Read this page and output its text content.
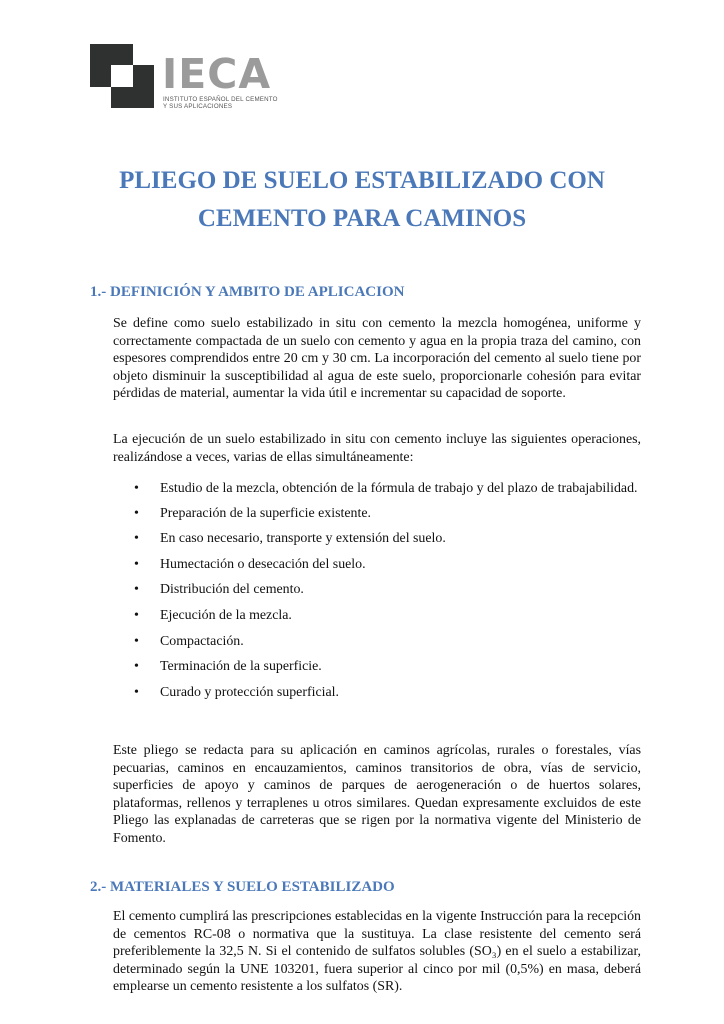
IECA
INSTITUTO ESPAÑOL DEL CEMENTO
Y SUS APLICACIONES
PLIEGO DE SUELO ESTABILIZADO CON
CEMENTO PARA CAMINOS
1.- DEFINICIÓN Y AMBITO DE APLICACION

Se define como suelo estabilizado in situ con cemento la mezcla homogénea, uniforme y correctamente compactada de un suelo con cemento y agua en la propia traza del camino, con espesores comprendidos entre 20 cm y 30 cm. La incorporación del cemento al suelo tiene por objeto disminuir la susceptibilidad al agua de este suelo, proporcionarle cohesión para evitar pérdidas de material, aumentar la vida útil e incrementar su capacidad de soporte.

La ejecución de un suelo estabilizado in situ con cemento incluye las siguientes operaciones, realizándose a veces, varias de ellas simultáneamente:

• Estudio de la mezcla, obtención de la fórmula de trabajo y del plazo de trabajabilidad.
• Preparación de la superficie existente.
• En caso necesario, transporte y extensión del suelo.
• Humectación o desecación del suelo.
• Distribución del cemento.
• Ejecución de la mezcla.
• Compactación.
• Terminación de la superficie.
• Curado y protección superficial.

Este pliego se redacta para su aplicación en caminos agrícolas, rurales o forestales, vías pecuarias, caminos en encauzamientos, caminos transitorios de obra, vías de servicio, superficies de apoyo y caminos de parques de aerogeneración o de huertos solares, plataformas, rellenos y terraplenes u otros similares. Quedan expresamente excluidos de este Pliego las explanadas de carreteras que se rigen por la normativa vigente del Ministerio de Fomento.

2.- MATERIALES Y SUELO ESTABILIZADO

El cemento cumplirá las prescripciones establecidas en la vigente Instrucción para la recepción de cementos RC-08 o normativa que la sustituya. La clase resistente del cemento será preferiblemente la 32,5 N. Si el contenido de sulfatos solubles (SO₃) en el suelo a estabilizar, determinado según la UNE 103201, fuera superior al cinco por mil (0,5%) en masa, deberá emplearse un cemento resistente a los sulfatos (SR).
